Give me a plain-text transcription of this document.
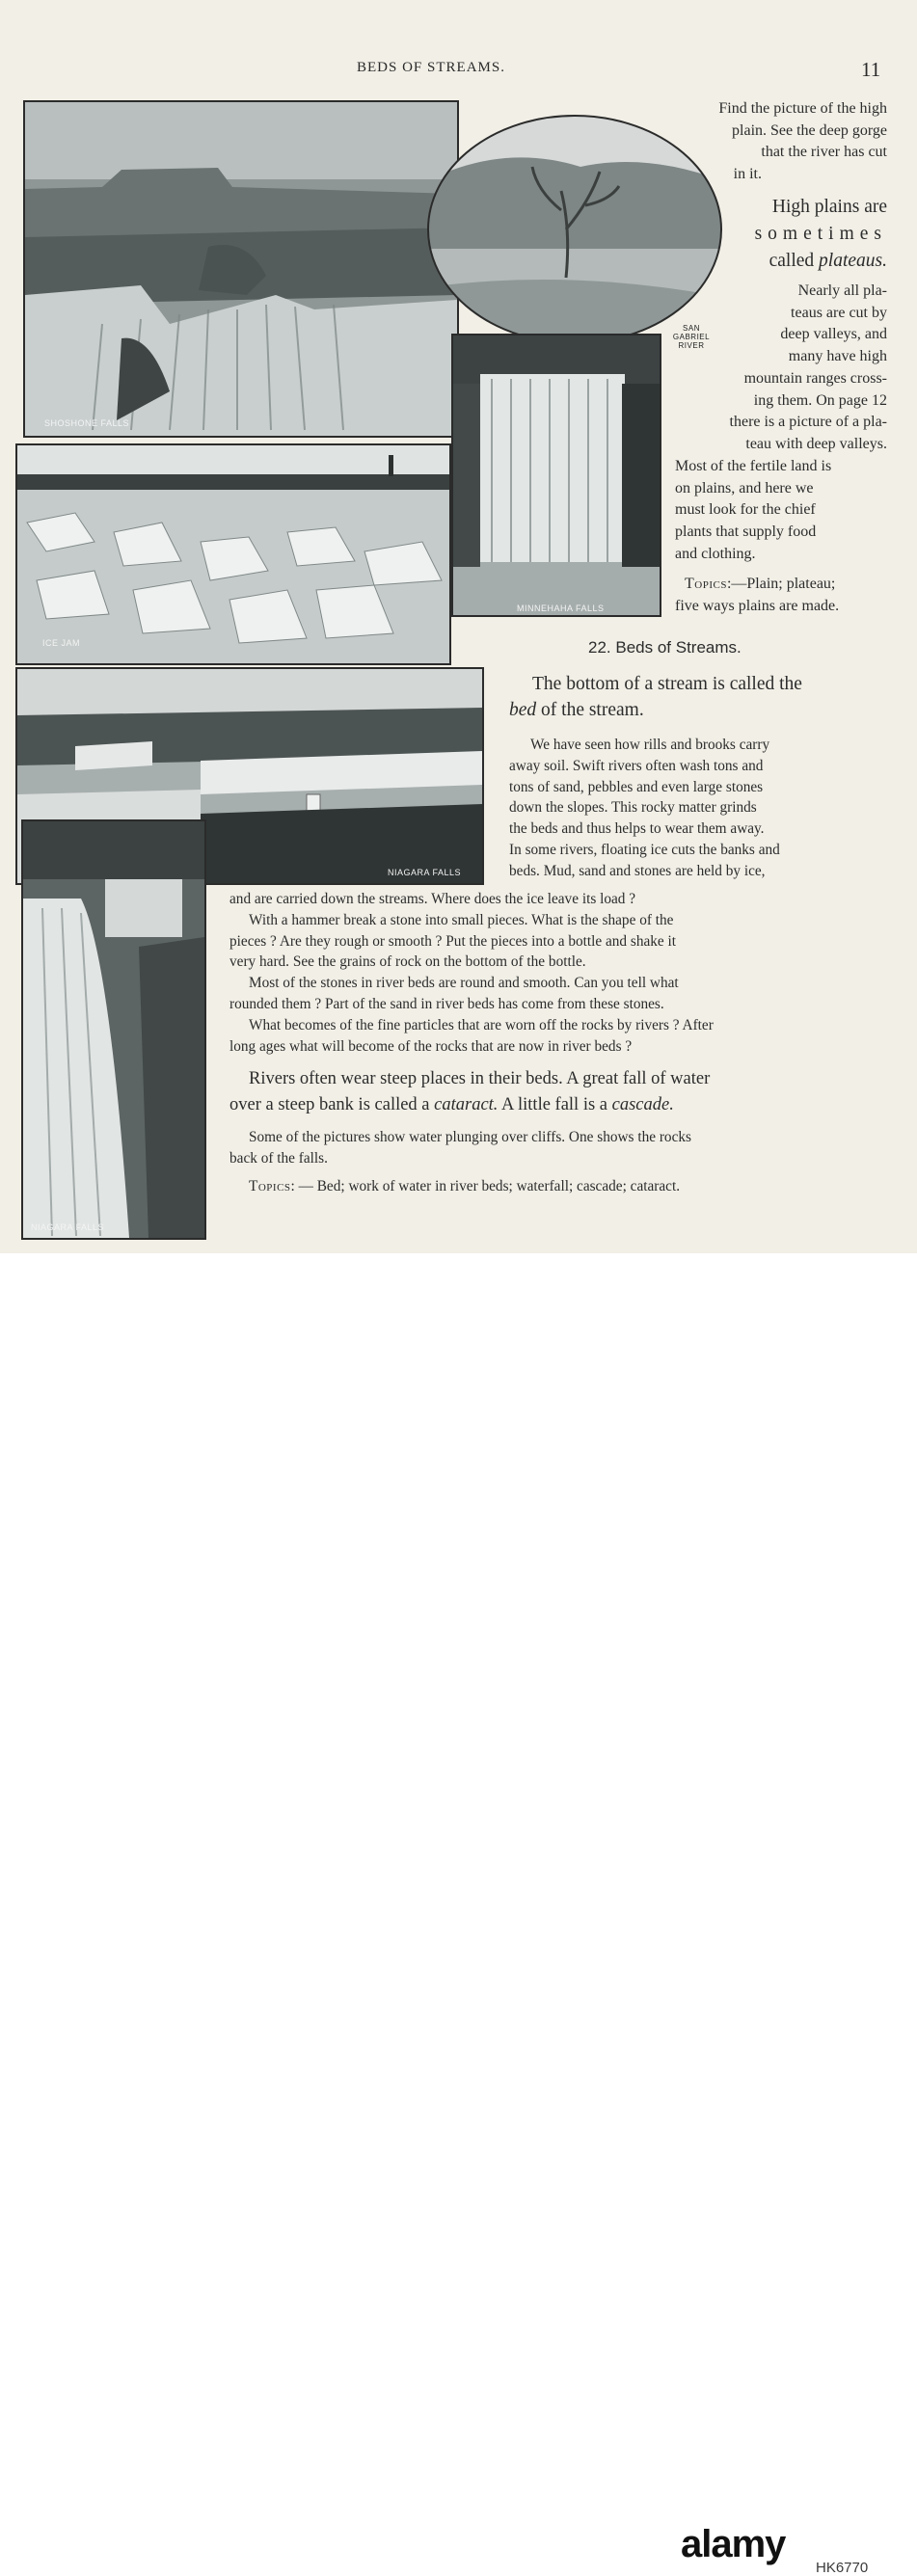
BEDS OF STREAMS.	11
SHOSHONE FALLS
SAN GABRIEL RIVER
MINNEHAHA FALLS
ICE JAM
NIAGARA FALLS
NIAGARA FALLS
Find the picture of the high
plain. See the deep gorge
that the river has cut
in it.
High plains are
sometimes
called plateaus.
Nearly all pla-
teaus are cut by
deep valleys, and
many have high
mountain ranges cross-
ing them. On page 12
there is a picture of a pla-
teau with deep valleys.
Most of the fertile land is
on plains, and here we
must look for the chief
plants that supply food
and clothing.
Topics:—Plain; plateau;
five ways plains are made.
22. Beds of Streams.
The bottom of a stream is called the
bed of the stream.
We have seen how rills and brooks carry
away soil. Swift rivers often wash tons and
tons of sand, pebbles and even large stones
down the slopes. This rocky matter grinds
the beds and thus helps to wear them away.
In some rivers, floating ice cuts the banks and
beds. Mud, sand and stones are held by ice,
and are carried down the streams. Where does the ice leave its load ?
With a hammer break a stone into small pieces. What is the shape of the
pieces ? Are they rough or smooth ? Put the pieces into a bottle and shake it
very hard. See the grains of rock on the bottom of the bottle.
Most of the stones in river beds are round and smooth. Can you tell what
rounded them ? Part of the sand in river beds has come from these stones.
What becomes of the fine particles that are worn off the rocks by rivers ? After
long ages what will become of the rocks that are now in river beds ?
Rivers often wear steep places in their beds. A great fall of water
over a steep bank is called a cataract. A little fall is a cascade.
Some of the pictures show water plunging over cliffs. One shows the rocks
back of the falls.
Topics: — Bed; work of water in river beds; waterfall; cascade; cataract.
alamy
HK6770
